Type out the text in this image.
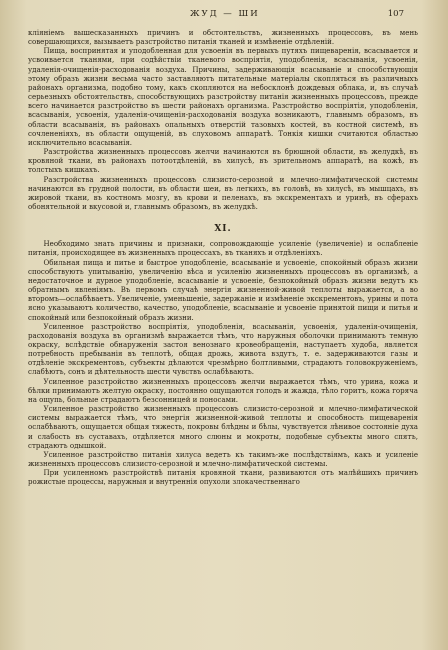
ЖУД — ШИ	107

кліяніемъ вышесказанныхъ причинъ и обстоятельствъ, жизненныхъ процессовъ, въ мень совершающихся, вызываетъ разстройство питанія тканей и измѣненіе отдѣленій.

Пища, воспринятая и уподобленная для усвоенія въ первыхъ путяхъ пищеваренія, всасывается и усвоивается тканями, при содѣйствіи тканевого воспріятія, уподобленія, всасыванія, усвоенія, удаленія-очищенія-расходованія воздуха. Причины, задерживающія всасываніе и способствующія этому образъ жизни весьма часто заставляютъ питательные матеріалы скопляться въ различныхъ районахъ организма, подобно тому, какъ скопляются на небосклонѣ дождевыя облака, и, въ случаѣ серьезныхъ обстоятельствъ, способствующихъ разстройству питанія жизненныхъ процессовъ, прежде всего начинается разстройство въ шести районахъ организма. Разстройство воспріятія, уподобленія, всасыванія, усвоенія, удаленія-очищенія-расходованія воздуха возникаютъ, главнымъ образомъ, въ области всасыванія, въ районахъ опальныхъ отверстій тазовыхъ костей, въ костной системѣ, въ сочлененіяхъ, въ области ощущеній, въ слуховомъ аппаратѣ. Тонкія кишки считаются областью исключительно всасыванія.

Разстройства жизненныхъ процессовъ желчи начинаются въ брюшной области, въ желудкѣ, въ кровяной ткани, въ районахъ потоотдѣленій, въ хилусѣ, въ зрительномъ аппаратѣ, на кожѣ, въ толстыхъ кишкахъ.

Разстройства жизненныхъ процессовъ слизисто-серозной и млечно-лимфатической системы начинаются въ грудной полости, въ области шеи, въ легкихъ, въ головѣ, въ хилусѣ, въ мышцахъ, въ жировой ткани, въ костномъ мозгу, въ крови и пеленахъ, въ экскрементахъ и уринѣ, въ сферахъ обонятельной и вкусовой и, главнымъ образомъ, въ желудкѣ.

XI.

Необходимо знать причины и признаки, сопровождающіе усиленіе (увеличеніе) и ослабленіе питанія, происходящее въ жизненныхъ процессахъ, въ тканяхъ и отдѣленіяхъ.

Обильная пища и питье и быстрое уподобленіе, всасываніе и усвоеніе, спокойный образъ жизни способствуютъ упитыванію, увеличенію вѣса и усиленію жизненныхъ процессовъ въ организмѣ, а недостаточное и дурное уподобленіе, всасываніе и усвоеніе, безпокойный образъ жизни ведутъ къ обратнымъ явленіямъ. Въ первомъ случаѣ энергія жизненной-живой теплоты выражается, а во второмъ—ослабѣваетъ. Увеличеніе, уменьшеніе, задержаніе и измѣненіе экскрементовъ, урины и пота ясно указываютъ количество, качество, уподобленіе, всасываніе и усвоеніе принятой пищи и питья и спокойный или безпокойный образъ жизни.

Усиленное разстройство воспріятія, уподобленія, всасыванія, усвоенія, удаленія-очищенія, расходованія воздуха въ организмѣ выражается тѣмъ, что наружныя оболочки принимаютъ темную окраску, вслѣдствіе обнаруженія застоя венознаго кровеобращенія, наступаетъ худоба, является потребность пребыванія въ теплотѣ, общая дрожь, живота вздутъ, т. е. задерживаются газы и отдѣленіе экскрементовъ, субъекты дѣлаются чрезмѣрно болтливыми, страдаютъ головокруженіемъ, слабѣютъ, сонъ и дѣятельность шести чувствъ ослабѣваютъ.

Усиленное разстройство жизненныхъ процессовъ желчи выражается тѣмъ, что урина, кожа и бѣлки принимаютъ желтую окраску, постоянно ощущаются голодъ и жажда, тѣло горитъ, кожа горяча на ощупь, больные страдаютъ безсонницей и поносами.

Усиленное разстройство жизненныхъ процессовъ слизисто-серозной и млечно-лимфатической системы выражается тѣмъ, что энергія жизненной-живой теплоты и способность пищеваренія ослабѣваютъ, ощущается общая тяжесть, покровы блѣдны и бѣлы, чувствуется лѣнивое состояніе духа и слабость въ суставахъ, отдѣляется много слюны и мокроты, подобные субъекты много спятъ, страдаютъ одышкой.

Усиленное разстройство питанія хилуса ведетъ къ такимъ-же послѣдствіямъ, какъ и усиленіе жизненныхъ процессовъ слизисто-серозной и млечно-лимфатической системы.

При усиленномъ разстройствѣ питанія кровяной ткани, развиваются отъ малѣйшихъ причинъ рожистые процессы, наружныя и внутреннія опухоли злокачественнаго
